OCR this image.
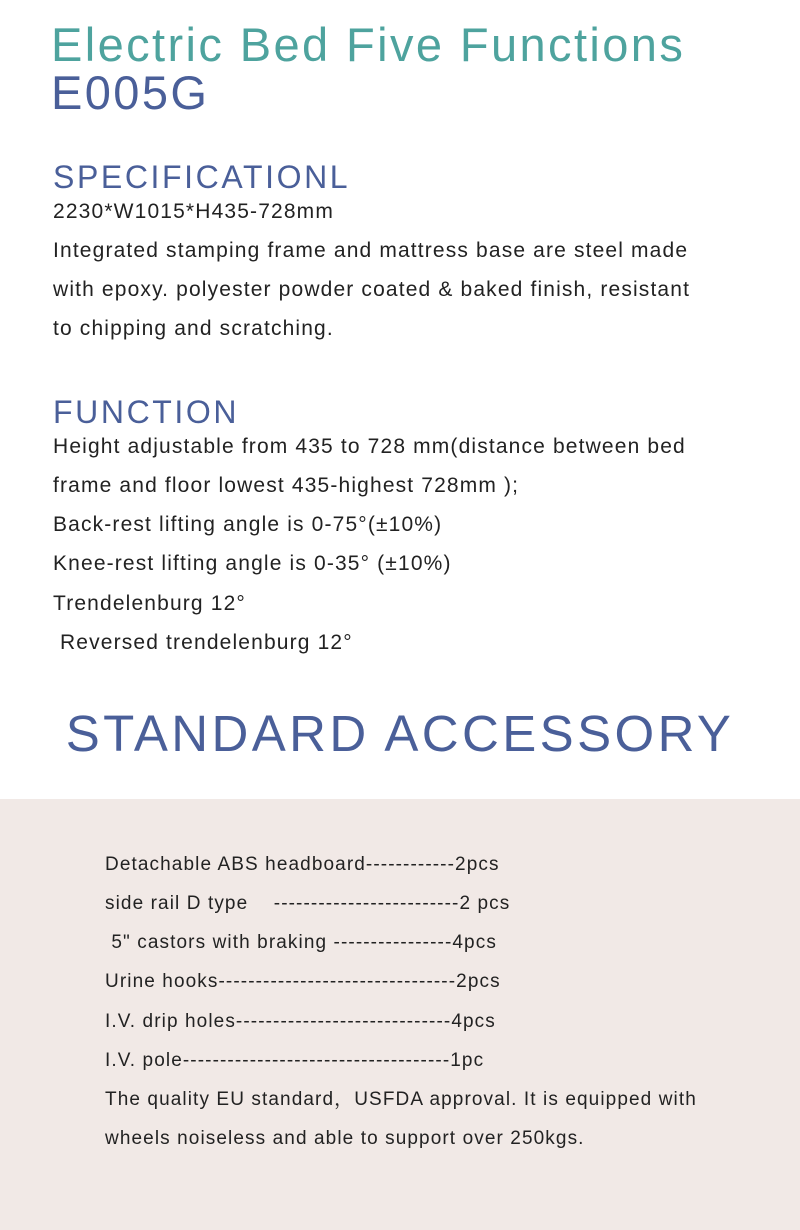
Electric Bed Five Functions
E005G
SPECIFICATIONL
2230*W1015*H435-728mm
Integrated stamping frame and mattress base are steel made
with epoxy. polyester powder coated & baked finish, resistant
to chipping and scratching.
FUNCTION
Height adjustable from 435 to 728 mm(distance between bed
frame and floor lowest 435-highest 728mm );
Back-rest lifting angle is 0-75°(±10%)
Knee-rest lifting angle is 0-35° (±10%)
Trendelenburg 12°
Reversed trendelenburg 12°
STANDARD ACCESSORY
Detachable ABS headboard------------2pcs
side rail D type    -------------------------2 pcs
5" castors with braking ----------------4pcs
Urine hooks--------------------------------2pcs
I.V. drip holes-----------------------------4pcs
I.V. pole------------------------------------1pc
The quality EU standard，USFDA approval. It is equipped with
wheels noiseless and able to support over 250kgs.
